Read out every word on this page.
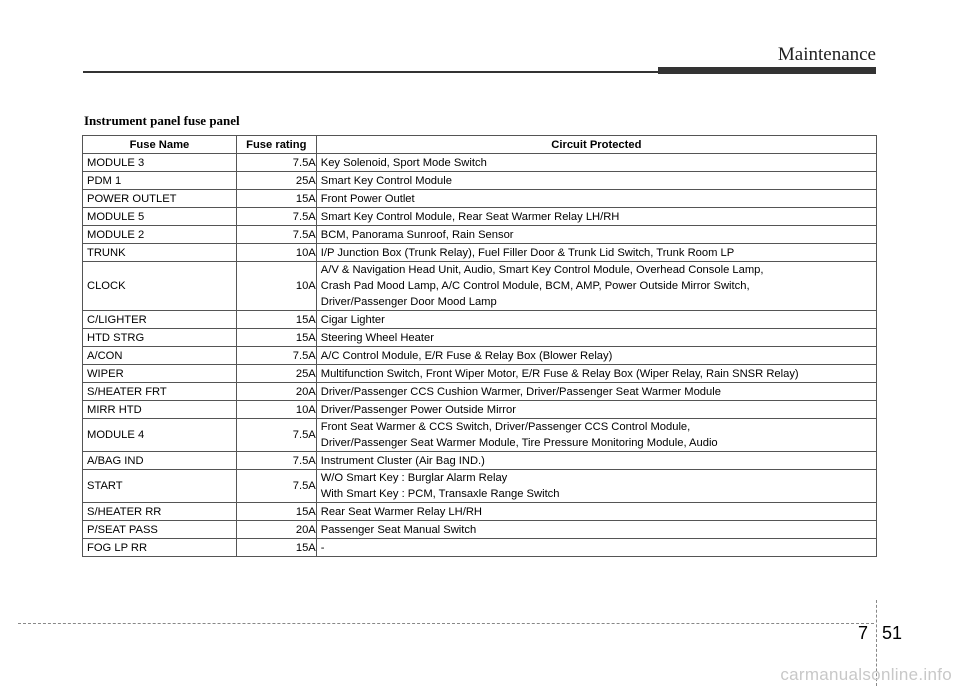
Maintenance
Instrument panel fuse panel
Fuse Name	Fuse rating	Circuit Protected
MODULE 3	7.5A	Key Solenoid, Sport Mode Switch
PDM 1	25A	Smart Key Control Module
POWER OUTLET	15A	Front Power Outlet
MODULE 5	7.5A	Smart Key Control Module, Rear Seat Warmer Relay LH/RH
MODULE 2	7.5A	BCM, Panorama Sunroof, Rain Sensor
TRUNK	10A	I/P Junction Box (Trunk Relay), Fuel Filler Door & Trunk Lid Switch, Trunk Room LP
CLOCK	10A	A/V & Navigation Head Unit, Audio, Smart Key Control Module, Overhead Console Lamp,
Crash Pad Mood Lamp, A/C Control Module, BCM, AMP, Power Outside Mirror Switch,
Driver/Passenger Door Mood Lamp
C/LIGHTER	15A	Cigar Lighter
HTD STRG	15A	Steering Wheel Heater
A/CON	7.5A	A/C Control Module, E/R Fuse & Relay Box (Blower Relay)
WIPER	25A	Multifunction Switch, Front Wiper Motor, E/R Fuse & Relay Box (Wiper Relay, Rain SNSR Relay)
S/HEATER FRT	20A	Driver/Passenger CCS Cushion Warmer, Driver/Passenger Seat Warmer Module
MIRR HTD	10A	Driver/Passenger Power Outside Mirror
MODULE 4	7.5A	Front Seat Warmer & CCS Switch, Driver/Passenger CCS Control Module,
Driver/Passenger Seat Warmer Module, Tire Pressure Monitoring Module, Audio
A/BAG IND	7.5A	Instrument Cluster (Air Bag IND.)
START	7.5A	W/O Smart Key : Burglar Alarm Relay
With Smart Key : PCM, Transaxle Range Switch
S/HEATER RR	15A	Rear Seat Warmer Relay LH/RH
P/SEAT PASS	20A	Passenger Seat Manual Switch
FOG LP RR	15A	-
7 51
carmanualsonline.info
